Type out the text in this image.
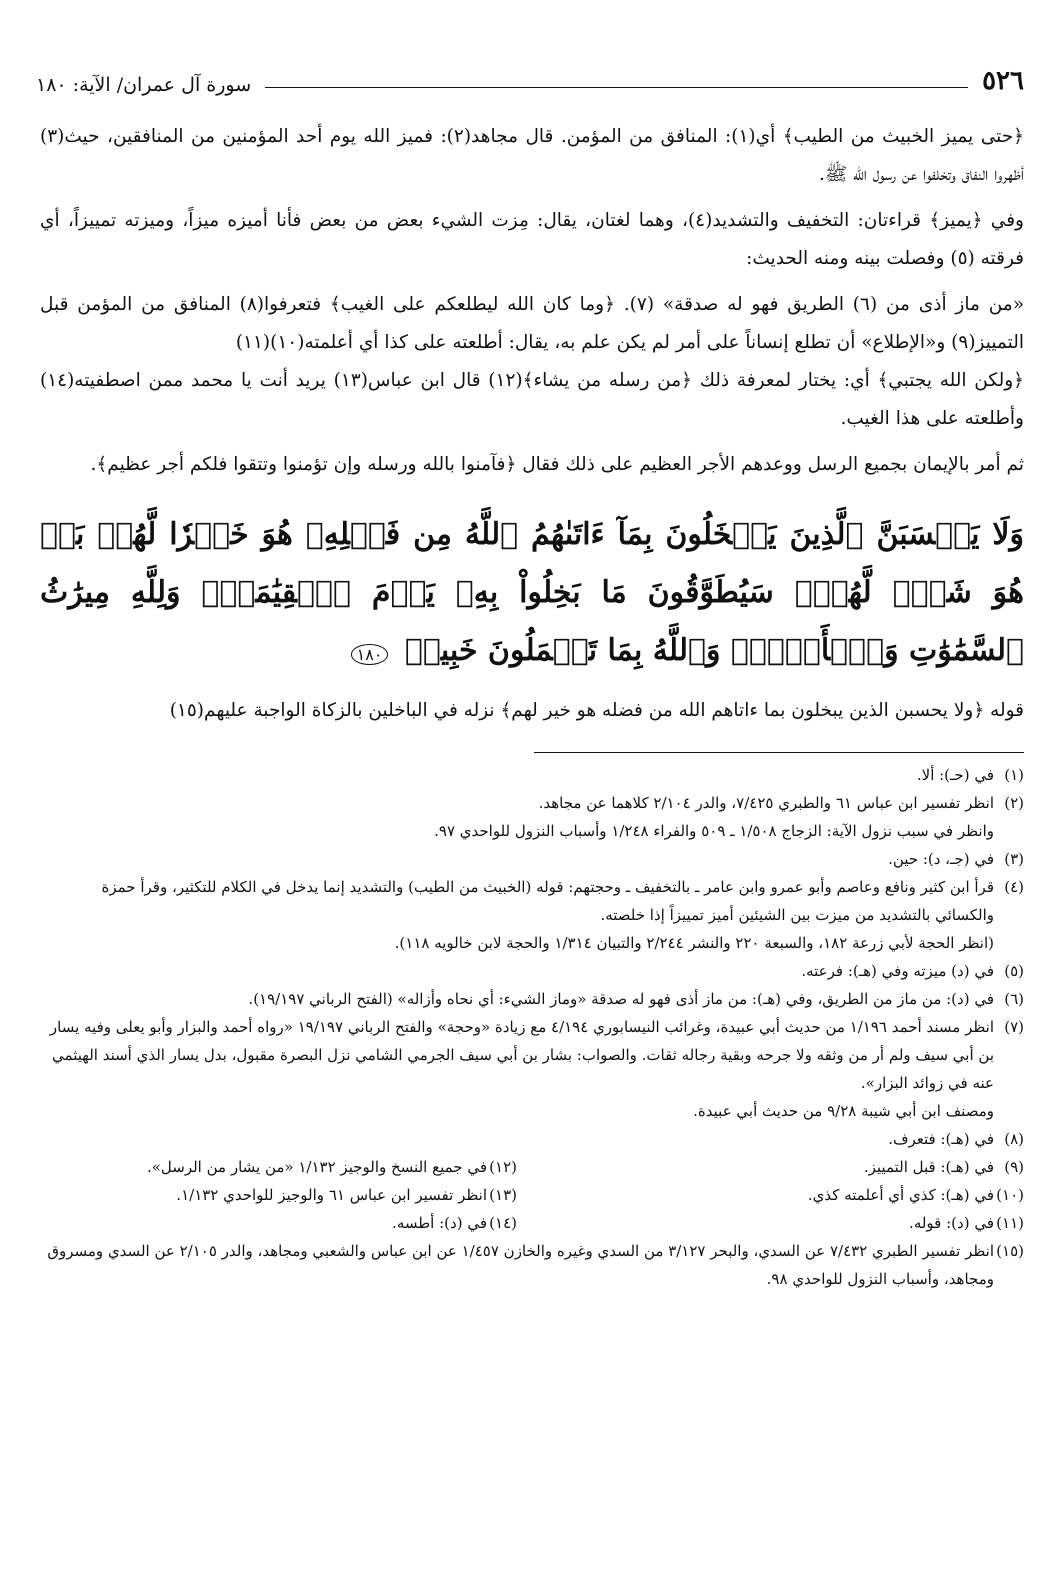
٥٢٦
سورة آل عمران/ الآية: ١٨٠

﴿حتى يميز الخبيث من الطيب﴾ أي(١): المنافق من المؤمن. قال مجاهد(٢): فميز الله يوم أحد المؤمنين من المنافقين، حيث(٣) أظهروا النفاق وتخلفوا عن رسول الله ﷺ.

وفي ﴿يميز﴾ قراءتان: التخفيف والتشديد(٤)، وهما لغتان، يقال: مِزت الشيء بعض من بعض فأنا أميزه ميزاً، وميزته تمييزاً، أي فرقته (٥) وفصلت بينه ومنه الحديث:

«من ماز أذى من (٦) الطريق فهو له صدقة» (٧). ﴿وما كان الله ليطلعكم على الغيب﴾ فتعرفوا(٨) المنافق من المؤمن قبل التمييز(٩) و«الإطلاع» أن تطلع إنساناً على أمر لم يكن علم به، يقال: أطلعته على كذا أي أعلمته(١٠)(١١)

﴿ولكن الله يجتبي﴾ أي: يختار لمعرفة ذلك ﴿من رسله من يشاء﴾(١٢) قال ابن عباس(١٣) يريد أنت يا محمد ممن اصطفيته(١٤) وأطلعته على هذا الغيب.

ثم أمر بالإيمان بجميع الرسل ووعدهم الأجر العظيم على ذلك فقال ﴿فآمنوا بالله ورسله وإن تؤمنوا وتتقوا فلكم أجر عظيم﴾.

وَلَا يَحۡسَبَنَّ ٱلَّذِينَ يَبۡخَلُونَ بِمَآ ءَاتَىٰهُمُ ٱللَّهُ مِن فَضۡلِهِۦ هُوَ خَيۡرٗا لَّهُمۖ بَلۡ هُوَ شَرّٞ لَّهُمۡۖ سَيُطَوَّقُونَ مَا بَخِلُواْ بِهِۦ يَوۡمَ ٱلۡقِيَٰمَةِۗ وَلِلَّهِ مِيرَٰثُ ٱلسَّمَٰوَٰتِ وَٱلۡأَرۡضِۗ وَٱللَّهُ بِمَا تَعۡمَلُونَ خَبِيرٞ ١٨٠

قوله ﴿ولا يحسبن الذين يبخلون بما ءاتاهم الله من فضله هو خير لهم﴾ نزله في الباخلين بالزكاة الواجبة عليهم(١٥)

(١)في (حـ): ألا.

(٢)انظر تفسير ابن عباس ٦١ والطبري ٧/٤٢٥، والدر ٢/١٠٤ كلاهما عن مجاهد.
وانظر في سبب نزول الآية: الزجاج ١/٥٠٨ ـ ٥٠٩ والفراء ١/٢٤٨ وأسباب النزول للواحدي ٩٧.

(٣)في (جـ، د): حين.

(٤)قرأ ابن كثير ونافع وعاصم وأبو عمرو وابن عامر ـ بالتخفيف ـ وحجتهم: قوله (الخبيث من الطيب) والتشديد إنما يدخل في الكلام للتكثير، وقرأ حمزة والكسائي بالتشديد من ميزت بين الشيئين أميز تمييزاً إذا خلصته.
(انظر الحجة لأبي زرعة ١٨٢، والسبعة ٢٢٠ والنشر ٢/٢٤٤ والتبيان ١/٣١٤ والحجة لابن خالويه ١١٨).

(٥)في (د) ميزته وفي (هـ): فرعته.

(٦)في (د): من ماز من الطريق، وفي (هـ): من ماز أذى فهو له صدقة «وماز الشيء: أي نحاه وأزاله» (الفتح الرباني ١٩/١٩٧).

(٧)انظر مسند أحمد ١/١٩٦ من حديث أبي عبيدة، وغرائب النيسابوري ٤/١٩٤ مع زيادة «وحجة» والفتح الرباني ١٩/١٩٧ «رواه أحمد والبزار وأبو يعلى وفيه يسار بن أبي سيف ولم أر من وثقه ولا جرحه وبقية رجاله ثقات. والصواب: بشار بن أبي سيف الجرمي الشامي نزل البصرة مقبول، بدل يسار الذي أسند الهيثمي عنه في زوائد البزار».
ومصنف ابن أبي شيبة ٩/٢٨ من حديث أبي عبيدة.

(٨)في (هـ): فتعرف.

(٩)في (هـ): قبل التمييز.

(١٠)في (هـ): كذي أي أعلمته كذي.

(١١)في (د): قوله.

(١٢)في جميع النسخ والوجيز ١/١٣٢ «من يشار من الرسل».

(١٣)انظر تفسير ابن عباس ٦١ والوجيز للواحدي ١/١٣٢.

(١٤)في (د): أطسه.

(١٥)انظر تفسير الطبري ٧/٤٣٢ عن السدي، والبحر ٣/١٢٧ من السدي وغيره والخازن ١/٤٥٧ عن ابن عباس والشعبي ومجاهد، والدر ٢/١٠٥ عن السدي ومسروق ومجاهد، وأسباب النزول للواحدي ٩٨.
